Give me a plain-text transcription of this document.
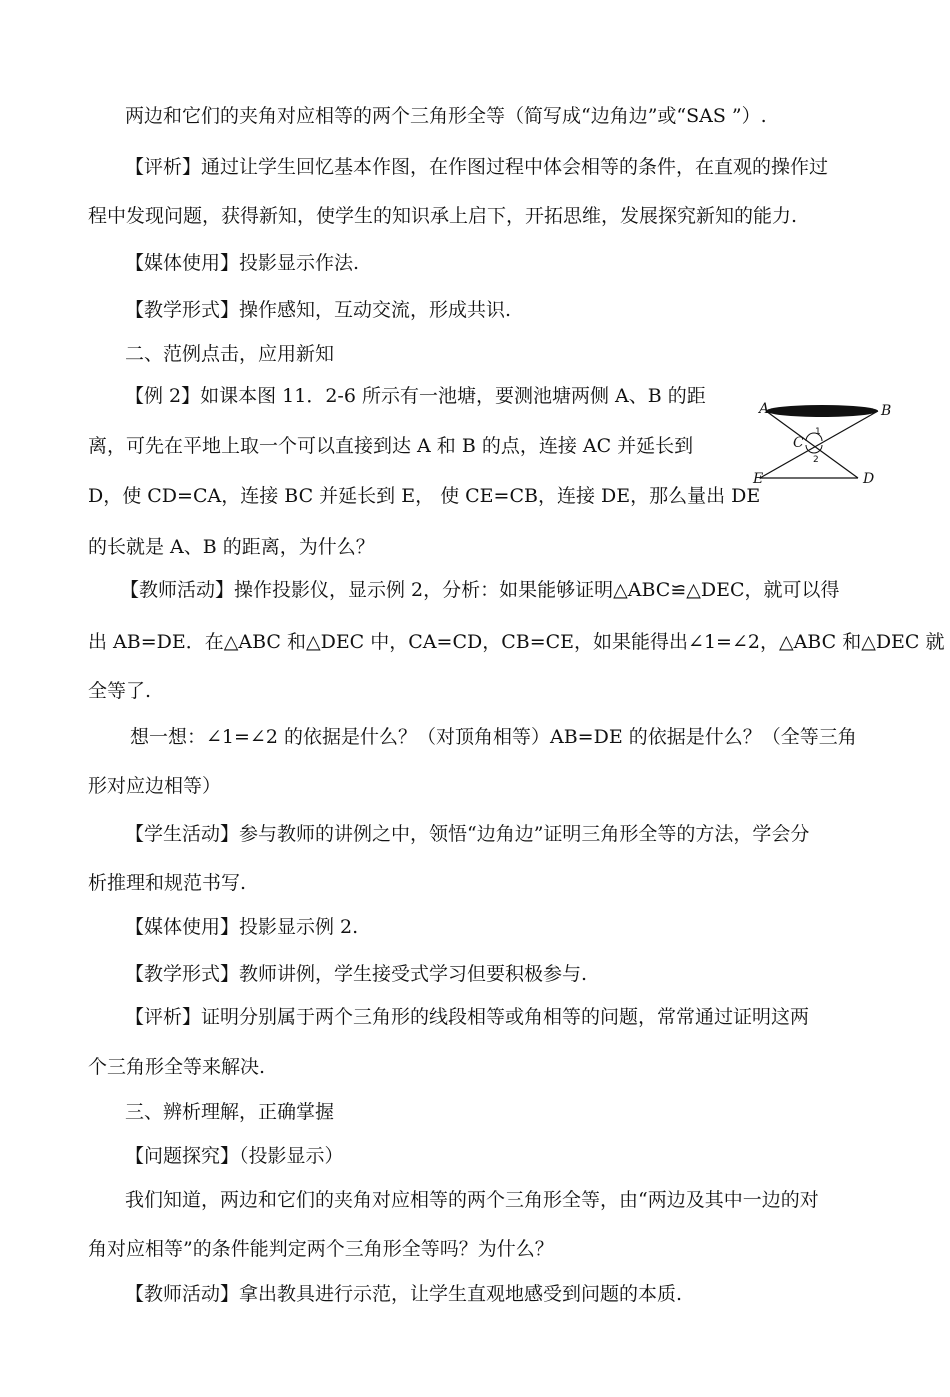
两边和它们的夹角对应相等的两个三角形全等（简写成“边角边”或“SAS ”）.
【评析】通过让学生回忆基本作图，在作图过程中体会相等的条件，在直观的操作过
程中发现问题，获得新知，使学生的知识承上启下，开拓思维，发展探究新知的能力.
【媒体使用】投影显示作法.
【教学形式】操作感知，互动交流，形成共识.
二、范例点击，应用新知
【例 2】如课本图 11．2-6 所示有一池塘，要测池塘两侧 A、B 的距
离，可先在平地上取一个可以直接到达 A 和 B 的点，连接 AC 并延长到
D，使 CD=CA，连接 BC 并延长到 E， 使 CE=CB，连接 DE，那么量出 DE
的长就是 A、B 的距离，为什么？
【教师活动】操作投影仪，显示例 2，分析：如果能够证明△ABC≌△DEC，就可以得
出 AB=DE．在△ABC 和△DEC 中，CA=CD，CB=CE，如果能得出∠1=∠2，△ABC 和△DEC 就
全等了.
想一想：∠1=∠2 的依据是什么？（对顶角相等）AB=DE 的依据是什么？（全等三角
形对应边相等）
【学生活动】参与教师的讲例之中，领悟“边角边”证明三角形全等的方法，学会分
析推理和规范书写.
【媒体使用】投影显示例 2.
【教学形式】教师讲例，学生接受式学习但要积极参与.
【评析】证明分别属于两个三角形的线段相等或角相等的问题，常常通过证明这两
个三角形全等来解决.
三、辨析理解，正确掌握
【问题探究】（投影显示）
我们知道，两边和它们的夹角对应相等的两个三角形全等，由“两边及其中一边的对
角对应相等”的条件能判定两个三角形全等吗？为什么？
【教师活动】拿出教具进行示范，让学生直观地感受到问题的本质.
A	B
C
E	D
1
2
